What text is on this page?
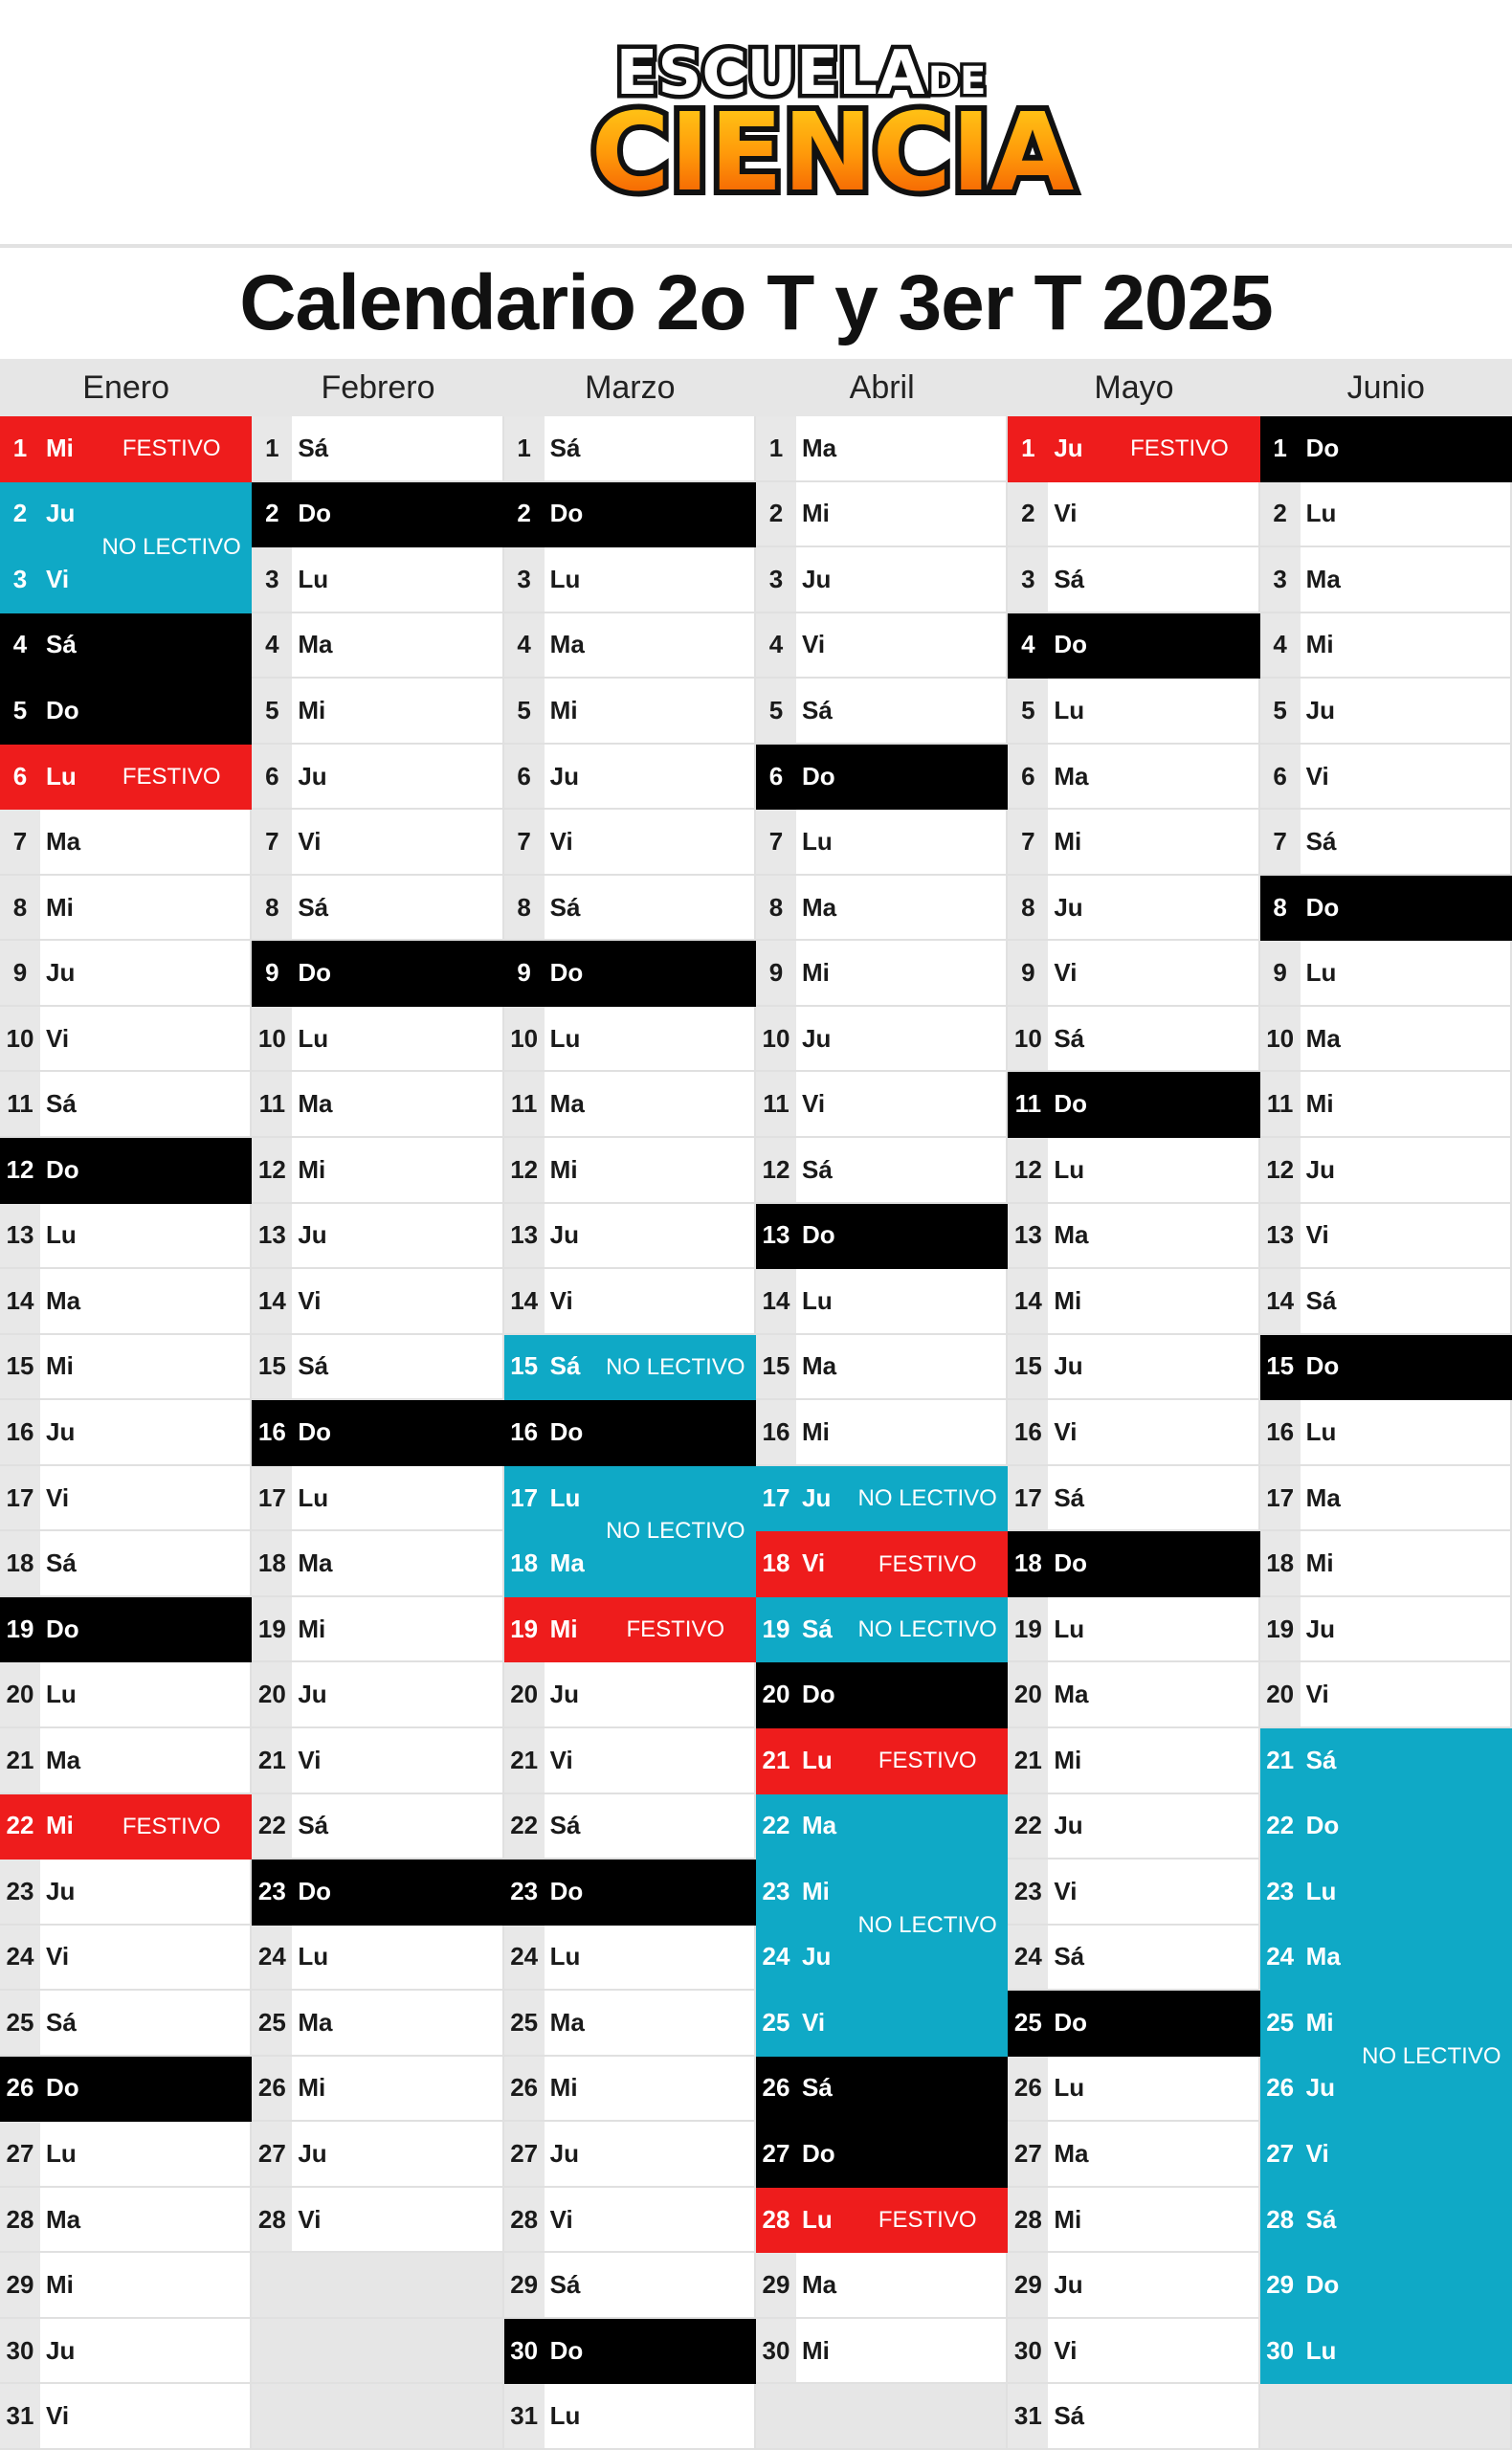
ESCUELA DE
CIENCIA
Calendario 2o T y 3er T 2025
Enero
1 Mi
2 Ju
3 Vi
4 Sá
5 Do
6 Lu
7 Ma
8 Mi
9 Ju
10 Vi
11 Sá
12 Do
13 Lu
14 Ma
15 Mi
16 Ju
17 Vi
18 Sá
19 Do
20 Lu
21 Ma
22 Mi
23 Ju
24 Vi
25 Sá
26 Do
27 Lu
28 Ma
29 Mi
30 Ju
31 Vi
Febrero
1 Sá
2 Do
3 Lu
4 Ma
5 Mi
6 Ju
7 Vi
8 Sá
9 Do
10 Lu
11 Ma
12 Mi
13 Ju
14 Vi
15 Sá
16 Do
17 Lu
18 Ma
19 Mi
20 Ju
21 Vi
22 Sá
23 Do
24 Lu
25 Ma
26 Mi
27 Ju
28 Vi
Marzo
1 Sá
2 Do
3 Lu
4 Ma
5 Mi
6 Ju
7 Vi
8 Sá
9 Do
10 Lu
11 Ma
12 Mi
13 Ju
14 Vi
15 Sá
16 Do
17 Lu
18 Ma
19 Mi
20 Ju
21 Vi
22 Sá
23 Do
24 Lu
25 Ma
26 Mi
27 Ju
28 Vi
29 Sá
30 Do
31 Lu
Abril
1 Ma
2 Mi
3 Ju
4 Vi
5 Sá
6 Do
7 Lu
8 Ma
9 Mi
10 Ju
11 Vi
12 Sá
13 Do
14 Lu
15 Ma
16 Mi
17 Ju
18 Vi
19 Sá
20 Do
21 Lu
22 Ma
23 Mi
24 Ju
25 Vi
26 Sá
27 Do
28 Lu
29 Ma
30 Mi
Mayo
1 Ju
2 Vi
3 Sá
4 Do
5 Lu
6 Ma
7 Mi
8 Ju
9 Vi
10 Sá
11 Do
12 Lu
13 Ma
14 Mi
15 Ju
16 Vi
17 Sá
18 Do
19 Lu
20 Ma
21 Mi
22 Ju
23 Vi
24 Sá
25 Do
26 Lu
27 Ma
28 Mi
29 Ju
30 Vi
31 Sá
Junio
1 Do
2 Lu
3 Ma
4 Mi
5 Ju
6 Vi
7 Sá
8 Do
9 Lu
10 Ma
11 Mi
12 Ju
13 Vi
14 Sá
15 Do
16 Lu
17 Ma
18 Mi
19 Ju
20 Vi
21 Sá
22 Do
23 Lu
24 Ma
25 Mi
26 Ju
27 Vi
28 Sá
29 Do
30 Lu
FESTIVO
FESTIVO
FESTIVO
FESTIVO
FESTIVO
FESTIVO
FESTIVO
FESTIVO
NO LECTIVO
NO LECTIVO
NO LECTIVO
NO LECTIVO
NO LECTIVO
NO LECTIVO
NO LECTIVO
